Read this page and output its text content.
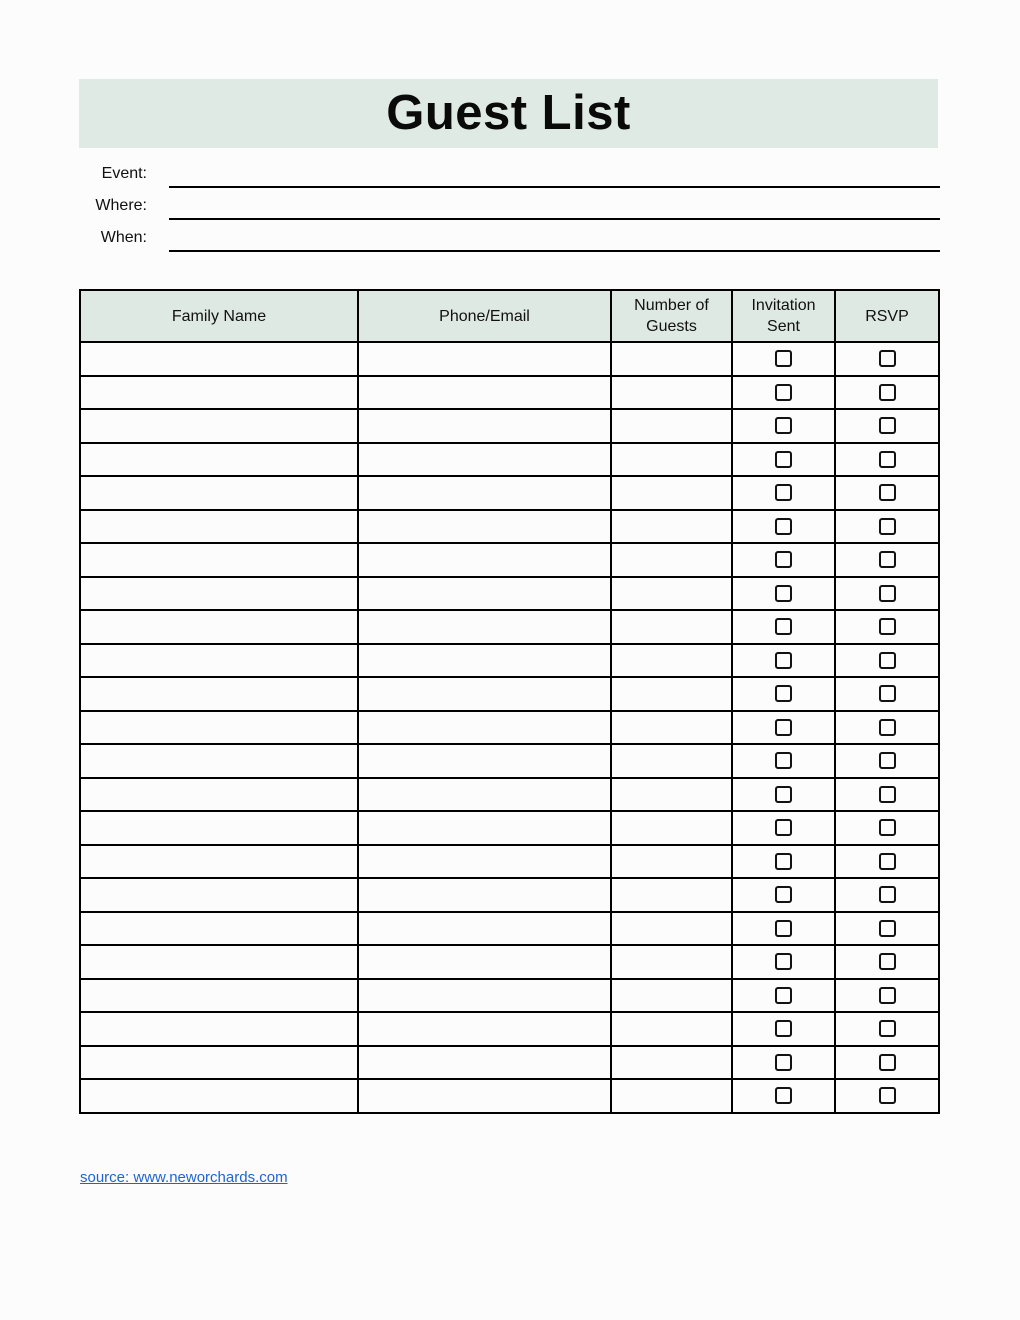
Guest List
Event:
Where:
When:
Family Name	Phone/Email	Number of Guests	Invitation Sent	RSVP

source: www.neworchards.com
